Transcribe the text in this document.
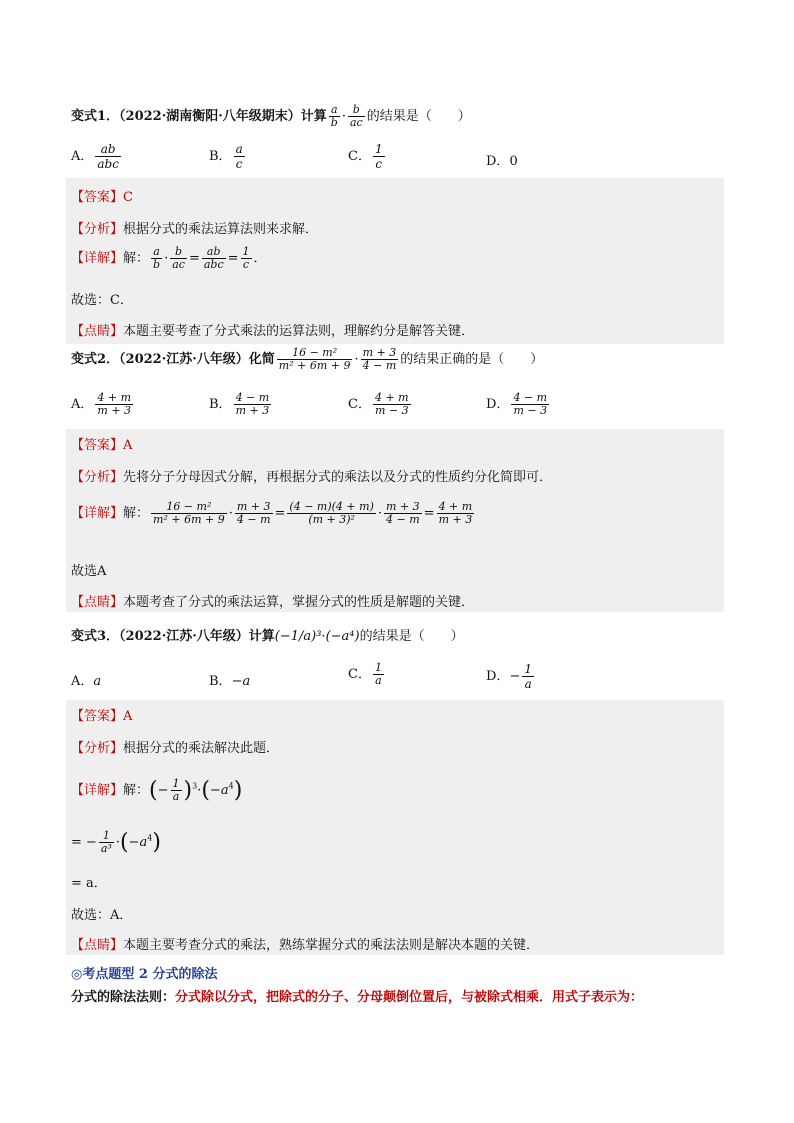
变式1．（2022·湖南衡阳·八年级期末）计算 $\frac{a}{b} \cdot \frac{b}{ac}$ 的结果是（　　）
A． $\frac{ab}{\text{abc}}$	B． $\frac{a}{c}$	C． $\frac{1}{c}$	D．0
【答案】C
【分析】根据分式的乘法运算法则来求解．
【详解】解： $\frac{a}{b} \cdot \frac{b}{ac} = \frac{ab}{\text{abc}} = \frac{1}{c}$ ．
故选：C．
【点睛】本题主要考查了分式乘法的运算法则，理解约分是解答关键．
变式2．（2022·江苏·八年级）化简 $\frac{\text{16 − m²}}{\text{m² + 6m + 9}} \cdot \frac{m + 3}{4 - m}$ 的结果正确的是（　　）
A． $\frac{4 + m}{m + 3}$	B． $\frac{4 - m}{m + 3}$	C． $\frac{4 + m}{m - 3}$	D． $\frac{4 - m}{m - 3}$
【答案】A
【分析】先将分子分母因式分解，再根据分式的乘法以及分式的性质约分化简即可．
【详解】解： $\frac{\text{16 − m²}}{\text{m² + 6m + 9}} \cdot \frac{m + 3}{4 - m} = \frac{(4 - m)(4 + m)}{\text{(m + 3)²}} \cdot \frac{m + 3}{4 - m} = \frac{4 + m}{m + 3}$
故选A
【点睛】本题考查了分式的乘法运算，掌握分式的性质是解题的关键．
变式3．（2022·江苏·八年级）计算(−1/a)³·(−a⁴)的结果是（　　）
A．a	B．−a	C． $\frac{1}{a}$	D．− $\frac{1}{a}$
【答案】A
【分析】根据分式的乘法解决此题．
【详解】解：(− $\frac{1}{a} )^3\cdot(-a^4)$
= − $\frac{1}{\text{a³}} \cdot(-a^4)$
= a．
故选：A．
【点睛】本题主要考查分式的乘法，熟练掌握分式的乘法法则是解决本题的关键．
◎考点题型 2 分式的除法
分式的除法法则：分式除以分式，把除式的分子、分母颠倒位置后，与被除式相乘．用式子表示为：
